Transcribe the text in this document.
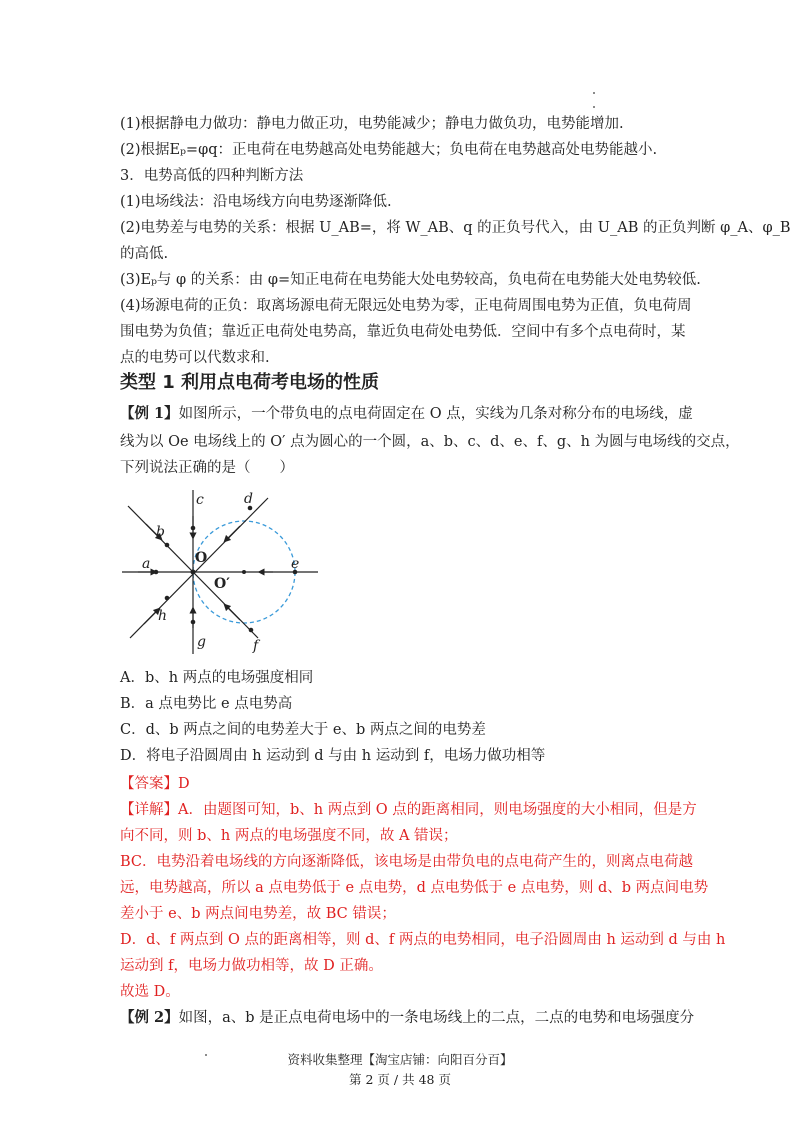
(1)根据静电力做功：静电力做正功，电势能减少；静电力做负功，电势能增加.
(2)根据Eₚ=φq：正电荷在电势越高处电势能越大；负电荷在电势越高处电势能越小.
3．电势高低的四种判断方法
(1)电场线法：沿电场线方向电势逐渐降低.
(2)电势差与电势的关系：根据 U_AB=，将 W_AB、q 的正负号代入，由 U_AB 的正负判断 φ_A、φ_B
的高低.
(3)Eₚ与 φ 的关系：由 φ=知正电荷在电势能大处电势较高，负电荷在电势能大处电势较低.
(4)场源电荷的正负：取离场源电荷无限远处电势为零，正电荷周围电势为正值，负电荷周
围电势为负值；靠近正电荷处电势高，靠近负电荷处电势低．空间中有多个点电荷时，某
点的电势可以代数求和.
类型 1 利用点电荷考电场的性质
【例 1】如图所示，一个带负电的点电荷固定在 O 点，实线为几条对称分布的电场线，虚
线为以 Oe 电场线上的 O′ 点为圆心的一个圆，a、b、c、d、e、f、g、h 为圆与电场线的交点，
下列说法正确的是（　　）
a
b
c	d
e
f
g
h
O
O′
A．b、h 两点的电场强度相同
B．a 点电势比 e 点电势高
C．d、b 两点之间的电势差大于 e、b 两点之间的电势差
D．将电子沿圆周由 h 运动到 d 与由 h 运动到 f，电场力做功相等
【答案】D
【详解】A．由题图可知，b、h 两点到 O 点的距离相同，则电场强度的大小相同，但是方
向不同，则 b、h 两点的电场强度不同，故 A 错误；
BC．电势沿着电场线的方向逐渐降低，该电场是由带负电的点电荷产生的，则离点电荷越
远，电势越高，所以 a 点电势低于 e 点电势，d 点电势低于 e 点电势，则 d、b 两点间电势
差小于 e、b 两点间电势差，故 BC 错误；
D．d、f 两点到 O 点的距离相等，则 d、f 两点的电势相同，电子沿圆周由 h 运动到 d 与由 h
运动到 f，电场力做功相等，故 D 正确。
故选 D。
【例 2】如图，a、b 是正点电荷电场中的一条电场线上的二点，二点的电势和电场强度分
资料收集整理【淘宝店铺：向阳百分百】
第 2 页 / 共 48 页
